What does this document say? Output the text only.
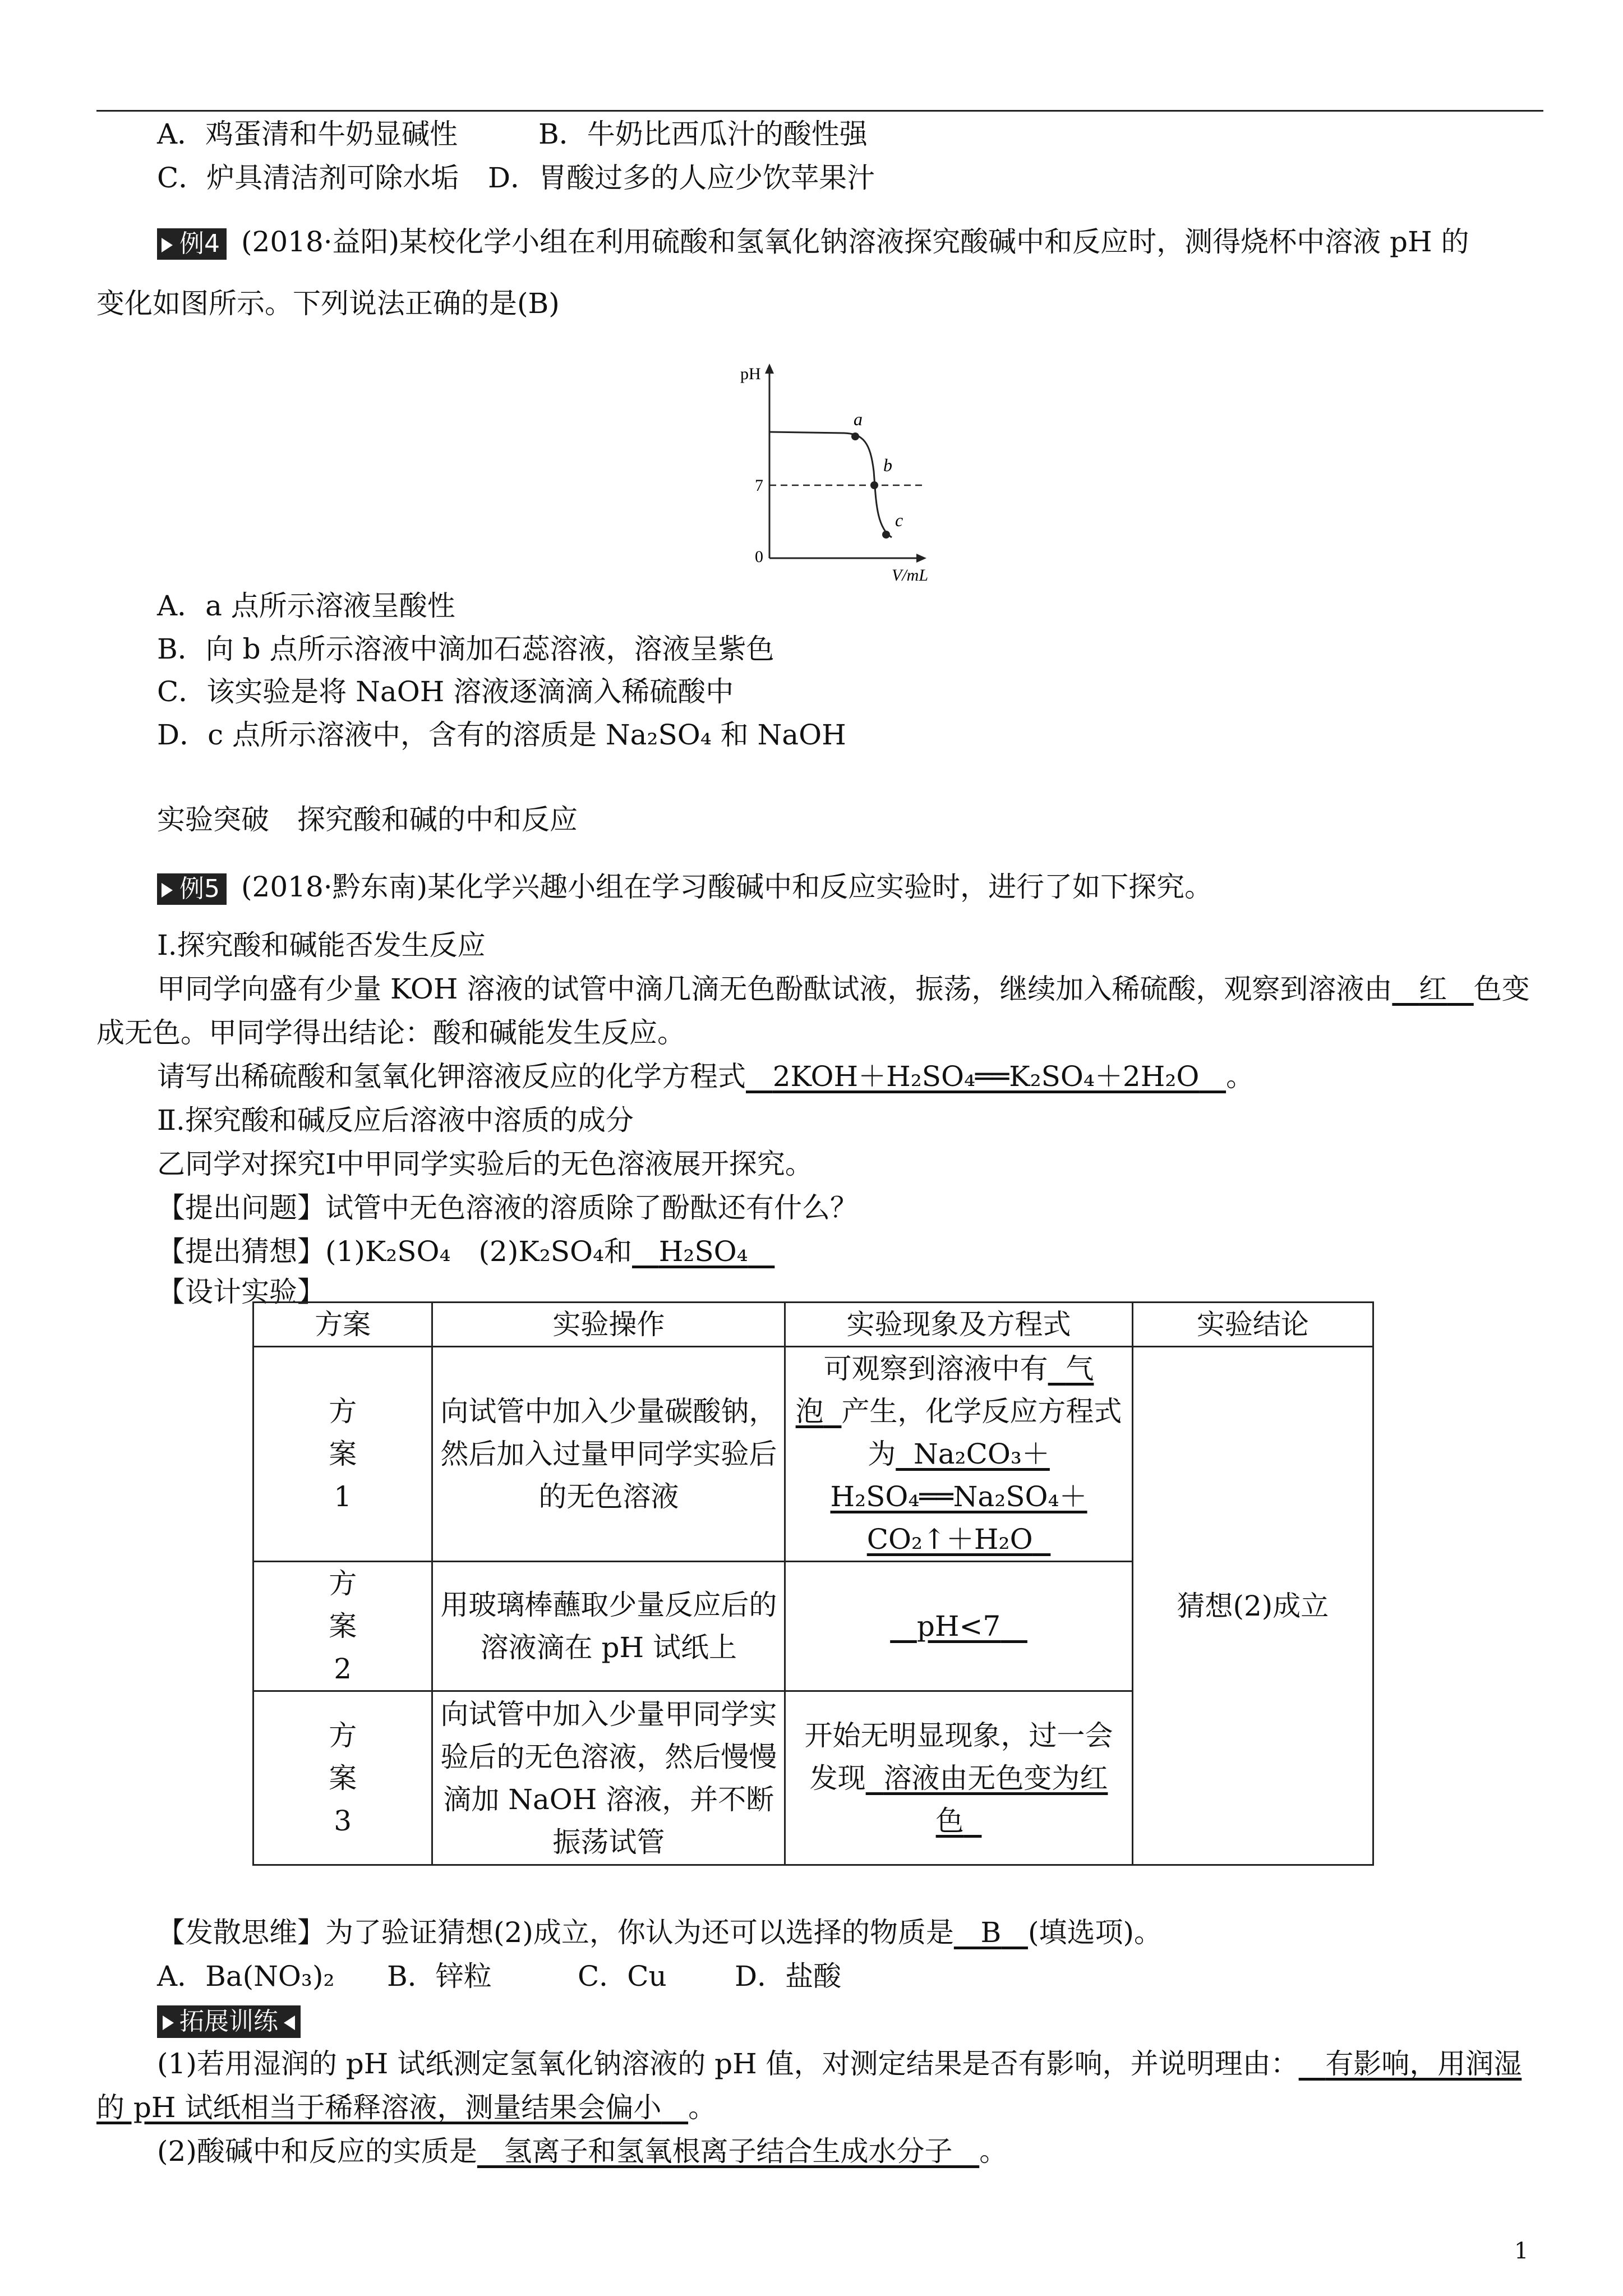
A．鸡蛋清和牛奶显碱性	B．牛奶比西瓜汁的酸性强
C．炉具清洁剂可除水垢 D．胃酸过多的人应少饮苹果汁
例4 (2018·益阳)某校化学小组在利用硫酸和氢氧化钠溶液探究酸碱中和反应时，测得烧杯中溶液 pH 的
变化如图所示。下列说法正确的是(B)
pH
V/mL
7
0
a
b
c
A．a 点所示溶液呈酸性
B．向 b 点所示溶液中滴加石蕊溶液，溶液呈紫色
C．该实验是将 NaOH 溶液逐滴滴入稀硫酸中
D．c 点所示溶液中，含有的溶质是 Na₂SO₄ 和 NaOH
实验突破　探究酸和碱的中和反应
例5 (2018·黔东南)某化学兴趣小组在学习酸碱中和反应实验时，进行了如下探究。
Ⅰ.探究酸和碱能否发生反应
甲同学向盛有少量 KOH 溶液的试管中滴几滴无色酚酞试液，振荡，继续加入稀硫酸，观察到溶液由 红 色变
成无色。甲同学得出结论：酸和碱能发生反应。
请写出稀硫酸和氢氧化钾溶液反应的化学方程式 2KOH＋H₂SO₄══K₂SO₄＋2H₂O 。
Ⅱ.探究酸和碱反应后溶液中溶质的成分
乙同学对探究Ⅰ中甲同学实验后的无色溶液展开探究。
【提出问题】试管中无色溶液的溶质除了酚酞还有什么？
【提出猜想】(1)K₂SO₄　(2)K₂SO₄和 H₂SO₄
【设计实验】
方案	实验操作	实验现象及方程式	实验结论

方案1	向试管中加入少量碳酸钠，然后加入过量甲同学实验后的无色溶液	可观察到溶液中有 气泡 产生，化学反应方程式为 Na₂CO₃＋H₂SO₄══Na₂SO₄＋CO₂↑＋H₂O	猜想(2)成立

方案2	用玻璃棒蘸取少量反应后的溶液滴在 pH 试纸上	pH<7	

方案3	向试管中加入少量甲同学实验后的无色溶液，然后慢慢滴加 NaOH 溶液，并不断振荡试管	开始无明显现象，过一会发现 溶液由无色变为红色	
【发散思维】为了验证猜想(2)成立，你认为还可以选择的物质是 B (填选项)。
A．Ba(NO₃)₂ B．锌粒	C．Cu D．盐酸
拓展训练
(1)若用湿润的 pH 试纸测定氢氧化钠溶液的 pH 值，对测定结果是否有影响，并说明理由： 有影响，用润湿
的 pH 试纸相当于稀释溶液，测量结果会偏小 。
(2)酸碱中和反应的实质是 氢离子和氢氧根离子结合生成水分子 。
1
